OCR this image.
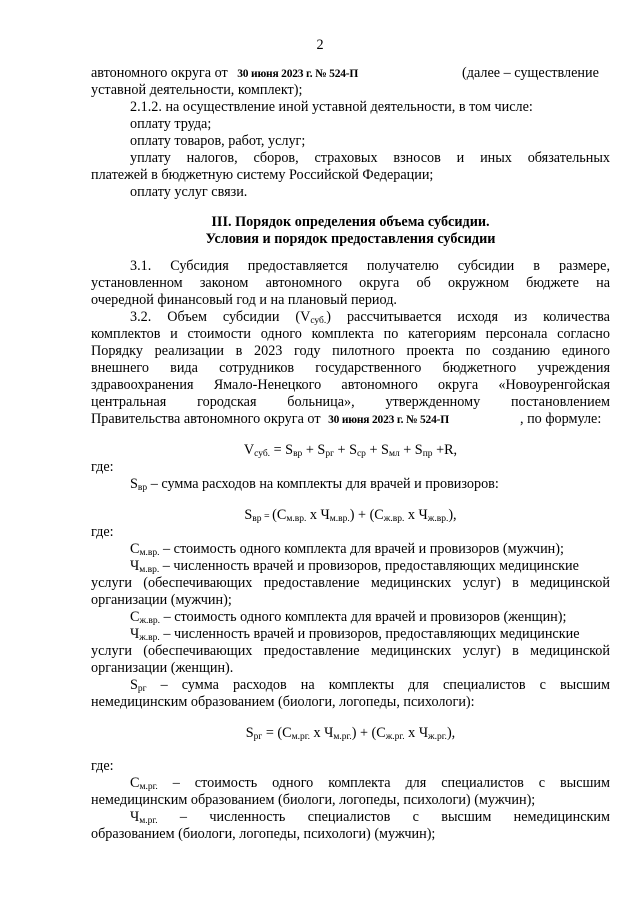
2
автономного округа от 30 июня 2023 г. № 524-П	(далее – существление
уставной деятельности, комплект);
2.1.2. на осуществление иной уставной деятельности, в том числе:
оплату труда;
оплату товаров, работ, услуг;
уплату налогов, сборов, страховых взносов и иных обязательных
платежей в бюджетную систему Российской Федерации;
оплату услуг связи.
III. Порядок определения объема субсидии.
Условия и порядок предоставления субсидии
3.1. Субсидия предоставляется получателю субсидии в размере,
установленном законом автономного округа об окружном бюджете на
очередной финансовый год и на плановый период.
3.2. Объем субсидии $(V_{суб.})$ рассчитывается исходя из количества
комплектов и стоимости одного комплекта по категориям персонала согласно
Порядку реализации в 2023 году пилотного проекта по созданию единого
внешнего вида сотрудников государственного бюджетного учреждения
здравоохранения Ямало-Ненецкого автономного округа «Новоуренгойская
центральная городская больница», утвержденному постановлением
Правительства автономного округа от 30 июня 2023 г. № 524-П	, по формуле:
$V_{суб.} = S_{вр} + S_{рг} + S_{ср} + S_{мл} + S_{пр} +R$,
где:
$S_{вр}$ – сумма расходов на комплекты для врачей и провизоров:
$S_{вр} = (С_{м.вр.}$ х $Ч_{м.вр.}) + (С_{ж.вр.}$ х $Ч_{ж.вр.}$),
где:
$С_{м.вр.}$ – стоимость одного комплекта для врачей и провизоров (мужчин);
$Ч_{м.вр.}$ – численность врачей и провизоров, предоставляющих медицинские
услуги (обеспечивающих предоставление медицинских услуг) в медицинской
организации (мужчин);
$С_{ж.вр.}$ – стоимость одного комплекта для врачей и провизоров (женщин);
$Ч_{ж.вр.}$ – численность врачей и провизоров, предоставляющих медицинские
услуги (обеспечивающих предоставление медицинских услуг) в медицинской
организации (женщин).
$S_{рг}$ – сумма расходов на комплекты для специалистов с высшим
немедицинским образованием (биологи, логопеды, психологи):
$S_{рг} = (С_{м.рг.}$ х $Ч_{м.рг.}) + (С_{ж.рг.}$ х $Ч_{ж.рг.}$),
где:
$С_{м.рг.}$ – стоимость одного комплекта для специалистов с высшим
немедицинским образованием (биологи, логопеды, психологи) (мужчин);
$Ч_{м.рг.}$ – численность специалистов с высшим немедицинским
образованием (биологи, логопеды, психологи) (мужчин);
